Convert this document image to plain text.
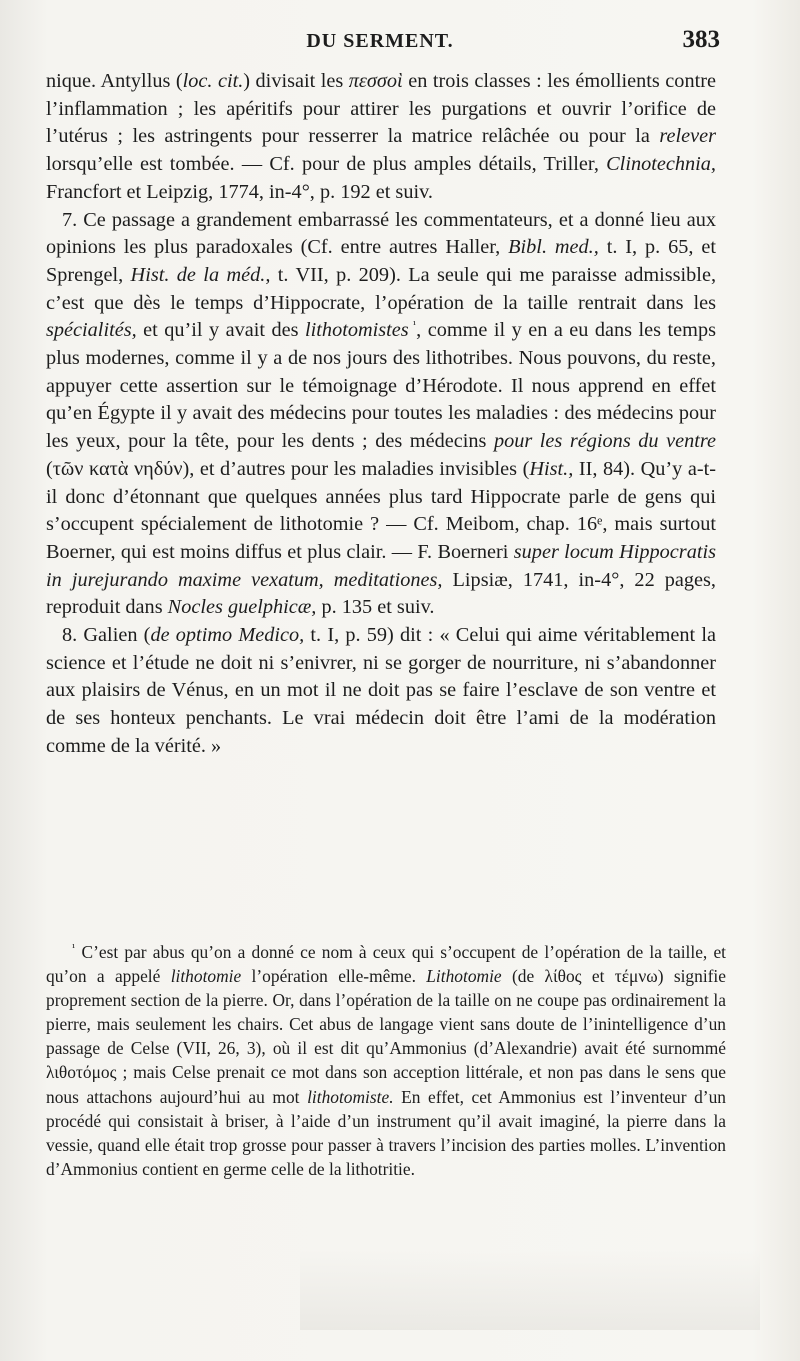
DU SERMENT.	383

nique. Antyllus (loc. cit.) divisait les πεσσοὶ en trois classes : les émollients contre l’inflammation ; les apéritifs pour attirer les purgations et ouvrir l’orifice de l’utérus ; les astringents pour resserrer la matrice relâchée ou pour la relever lorsqu’elle est tombée. — Cf. pour de plus amples détails, Triller, Clinotechnia, Francfort et Leipzig, 1774, in-4°, p. 192 et suiv.

7. Ce passage a grandement embarrassé les commentateurs, et a donné lieu aux opinions les plus paradoxales (Cf. entre autres Haller, Bibl. med., t. I, p. 65, et Sprengel, Hist. de la méd., t. VII, p. 209). La seule qui me paraisse admissible, c’est que dès le temps d’Hippocrate, l’opération de la taille rentrait dans les spécialités, et qu’il y avait des lithotomistes $^{^1}$, comme il y en a eu dans les temps plus modernes, comme il y a de nos jours des lithotribes. Nous pouvons, du reste, appuyer cette assertion sur le témoignage d’Hérodote. Il nous apprend en effet qu’en Égypte il y avait des médecins pour toutes les maladies : des médecins pour les yeux, pour la tête, pour les dents ; des médecins pour les régions du ventre (τῶν κατὰ νηδύν), et d’autres pour les maladies invisibles (Hist., II, 84). Qu’y a-t-il donc d’étonnant que quelques années plus tard Hippocrate parle de gens qui s’occupent spécialement de lithotomie ? — Cf. Meibom, chap. 16ᵉ, mais surtout Boerner, qui est moins diffus et plus clair. — F. Boerneri super locum Hippocratis in jurejurando maxime vexatum, meditationes, Lipsiæ, 1741, in-4°, 22 pages, reproduit dans Nocles guelphicæ, p. 135 et suiv.

8. Galien (de optimo Medico, t. I, p. 59) dit : « Celui qui aime véritablement la science et l’étude ne doit ni s’enivrer, ni se gorger de nourriture, ni s’abandonner aux plaisirs de Vénus, en un mot il ne doit pas se faire l’esclave de son ventre et de ses honteux penchants. Le vrai médecin doit être l’ami de la modération comme de la vérité. »

$^{^1}$ C’est par abus qu’on a donné ce nom à ceux qui s’occupent de l’opération de la taille, et qu’on a appelé lithotomie l’opération elle-même. Lithotomie (de λίθος et τέμνω) signifie proprement section de la pierre. Or, dans l’opération de la taille on ne coupe pas ordinairement la pierre, mais seulement les chairs. Cet abus de langage vient sans doute de l’inintelligence d’un passage de Celse (VII, 26, 3), où il est dit qu’Ammonius (d’Alexandrie) avait été surnommé λιθοτόμος ; mais Celse prenait ce mot dans son acception littérale, et non pas dans le sens que nous attachons aujourd’hui au mot lithotomiste. En effet, cet Ammonius est l’inventeur d’un procédé qui consistait à briser, à l’aide d’un instrument qu’il avait imaginé, la pierre dans la vessie, quand elle était trop grosse pour passer à travers l’incision des parties molles. L’invention d’Ammonius contient en germe celle de la lithotritie.
